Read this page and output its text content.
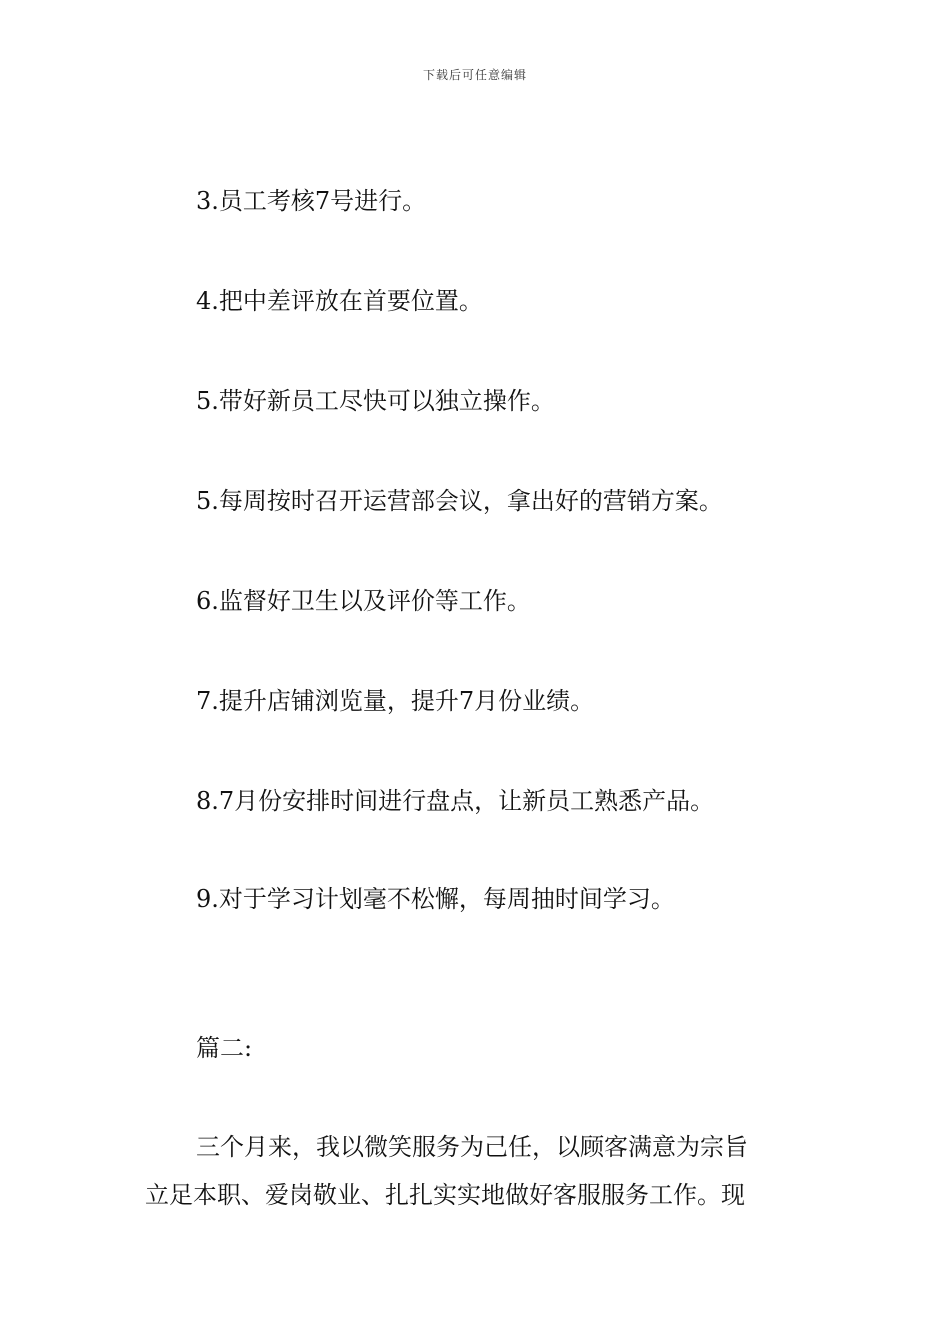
下载后可任意编辑
3.员工考核7号进行。
4.把中差评放在首要位置。
5.带好新员工尽快可以独立操作。
5.每周按时召开运营部会议，拿出好的营销方案。
6.监督好卫生以及评价等工作。
7.提升店铺浏览量，提升7月份业绩。
8.7月份安排时间进行盘点，让新员工熟悉产品。
9.对于学习计划毫不松懈，每周抽时间学习。
篇二:
三个月来，我以微笑服务为己任，以顾客满意为宗旨
立足本职、爱岗敬业、扎扎实实地做好客服服务工作。现
